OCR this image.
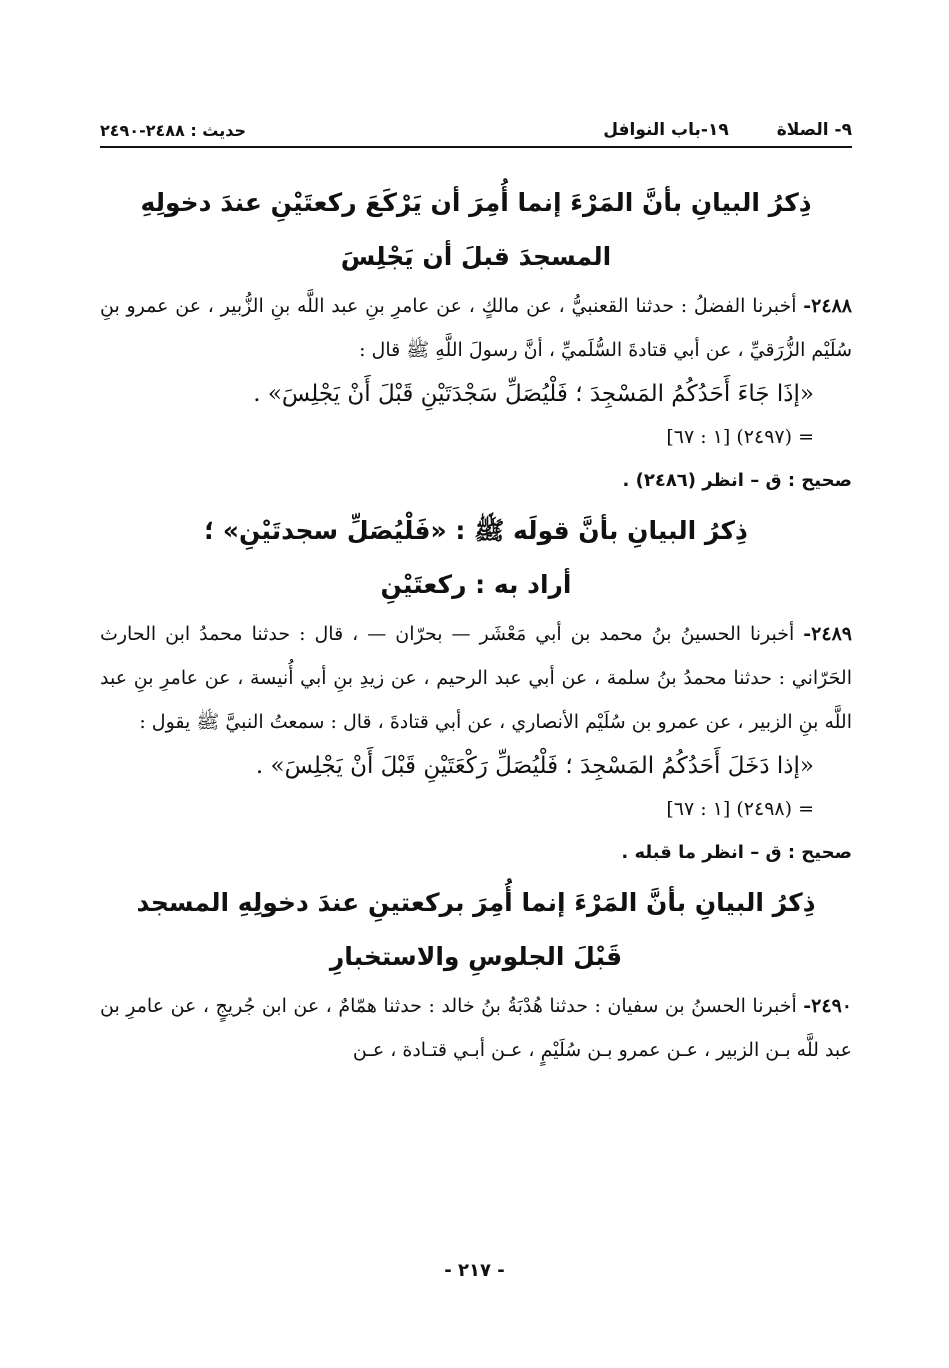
٩- الصلاة
١٩-باب النوافل
حديث : ٢٤٨٨-٢٤٩٠

ذِكرُ البيانِ بأنَّ المَرْءَ إنما أُمِرَ أن يَرْكَعَ ركعتَيْنِ عندَ دخولِهِ

المسجدَ قبلَ أن يَجْلِسَ

٢٤٨٨- أخبرنا الفضلُ : حدثنا القعنبيُّ ، عن مالكٍ ، عن عامرِ بنِ عبد اللَّه بنِ الزُّبير ، عن عمرو بنِ سُلَيْم الزُّرَقيِّ ، عن أبي قتادةَ السُّلَميِّ ، أنَّ رسولَ اللَّهِ ﷺ قال :

«إذَا جَاءَ أَحَدُكُمُ المَسْجِدَ ؛ فَلْيُصَلِّ سَجْدَتَيْنِ قَبْلَ أَنْ يَجْلِسَ» .

= (٢٤٩٧) [١ : ٦٧]

صحيح : ق – انظر (٢٤٨٦) .

ذِكرُ البيانِ بأنَّ قولَه ﷺ : «فَلْيُصَلِّ سجدتَيْنِ» ؛

أراد به : ركعتَيْنِ

٢٤٨٩- أخبرنا الحسينُ بنُ محمد بن أبي مَعْشَر — بحرّان — ، قال : حدثنا محمدُ ابن الحارث الحَرّاني : حدثنا محمدُ بنُ سلمة ، عن أبي عبد الرحيم ، عن زيدِ بنِ أبي أُنيسة ، عن عامرِ بنِ عبد اللَّه بنِ الزبير ، عن عمرو بن سُلَيْم الأنصاري ، عن أبي قتادةَ ، قال : سمعتُ النبيَّ ﷺ يقول :

«إذا دَخَلَ أَحَدُكُمُ المَسْجِدَ ؛ فَلْيُصَلِّ رَكْعَتَيْنِ قَبْلَ أَنْ يَجْلِسَ» .

= (٢٤٩٨) [١ : ٦٧]

صحيح : ق – انظر ما قبله .

ذِكرُ البيانِ بأنَّ المَرْءَ إنما أُمِرَ بركعتينِ عندَ دخولِهِ المسجد

قَبْلَ الجلوسِ والاستخبارِ

٢٤٩٠- أخبرنا الحسنُ بن سفيان : حدثنا هُدْبَةُ بنُ خالد : حدثنا همّامٌ ، عن ابن جُريجٍ ، عن عامرِ بن عبد للَّه بـن الزبير ، عـن عمرو بـن سُلَيْمٍ ، عـن أبـي قتـادة ، عـن

- ٢١٧ -
